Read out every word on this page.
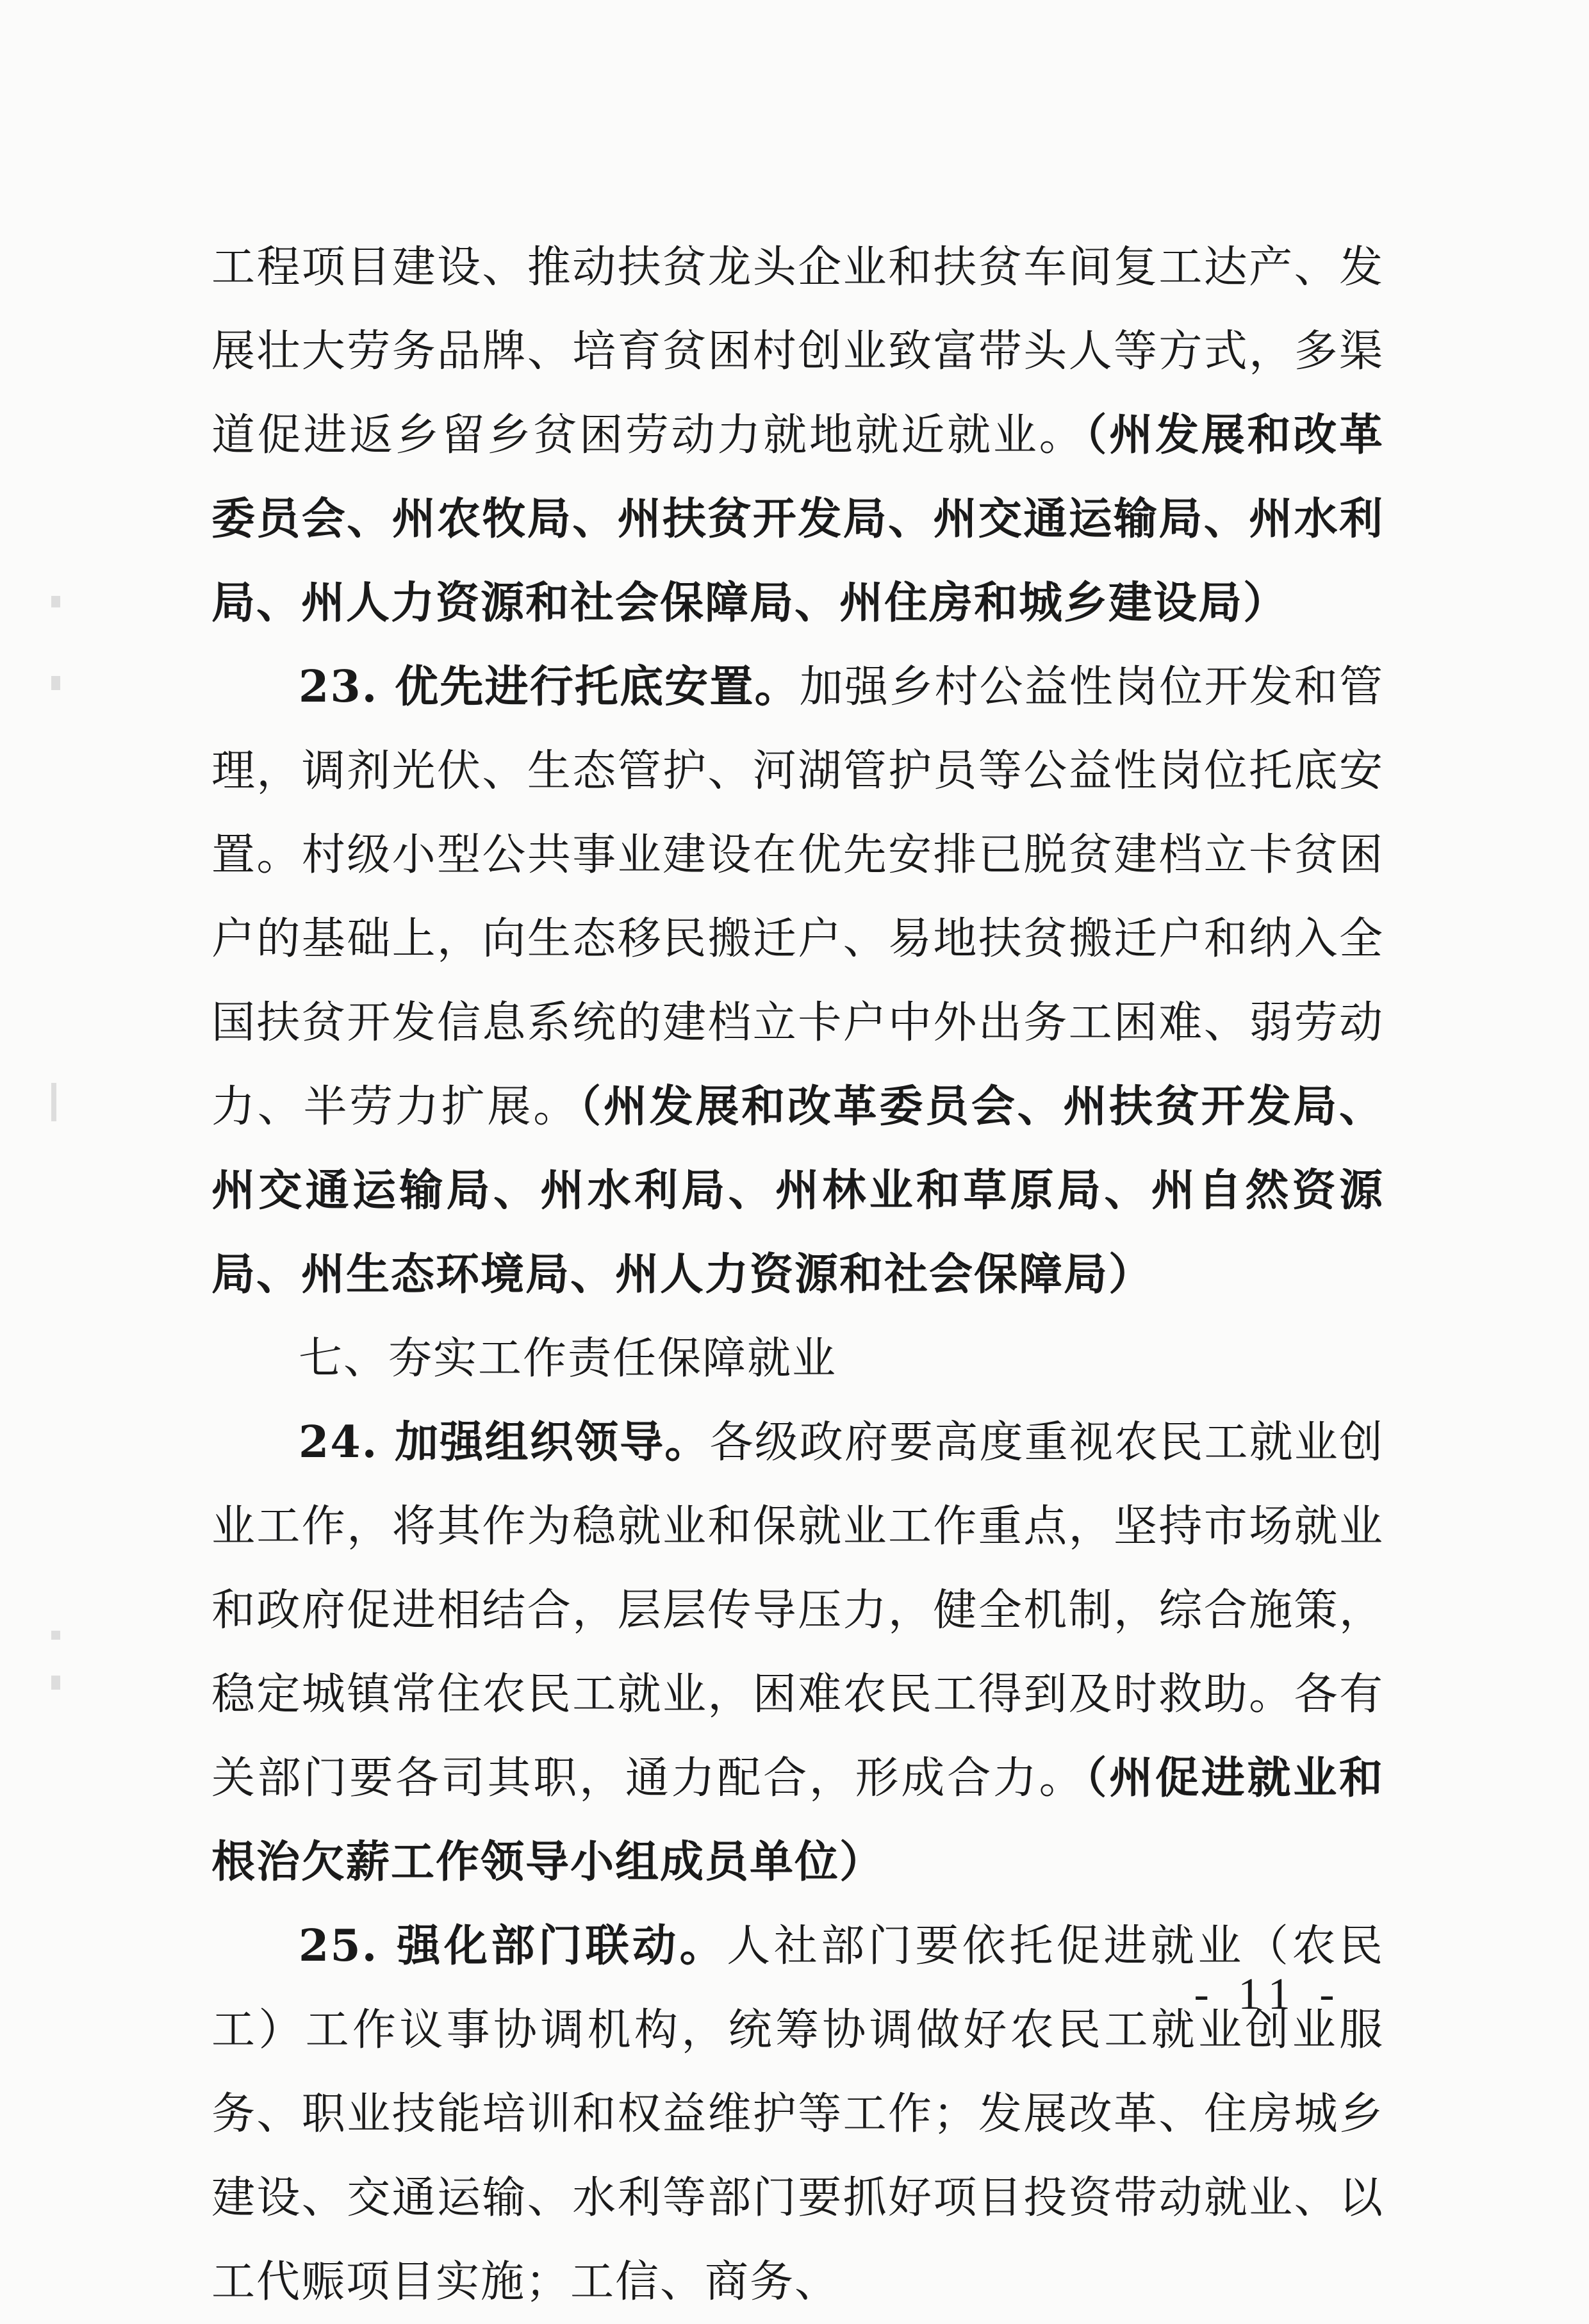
工程项目建设、推动扶贫龙头企业和扶贫车间复工达产、发展壮大劳务品牌、培育贫困村创业致富带头人等方式，多渠道促进返乡留乡贫困劳动力就地就近就业。（州发展和改革委员会、州农牧局、州扶贫开发局、州交通运输局、州水利局、州人力资源和社会保障局、州住房和城乡建设局）

23. 优先进行托底安置。加强乡村公益性岗位开发和管理，调剂光伏、生态管护、河湖管护员等公益性岗位托底安置。村级小型公共事业建设在优先安排已脱贫建档立卡贫困户的基础上，向生态移民搬迁户、易地扶贫搬迁户和纳入全国扶贫开发信息系统的建档立卡户中外出务工困难、弱劳动力、半劳力扩展。（州发展和改革委员会、州扶贫开发局、州交通运输局、州水利局、州林业和草原局、州自然资源局、州生态环境局、州人力资源和社会保障局）

七、夯实工作责任保障就业

24. 加强组织领导。各级政府要高度重视农民工就业创业工作，将其作为稳就业和保就业工作重点，坚持市场就业和政府促进相结合，层层传导压力，健全机制，综合施策，稳定城镇常住农民工就业，困难农民工得到及时救助。各有关部门要各司其职，通力配合，形成合力。（州促进就业和根治欠薪工作领导小组成员单位）

25. 强化部门联动。人社部门要依托促进就业（农民工）工作议事协调机构，统筹协调做好农民工就业创业服务、职业技能培训和权益维护等工作；发展改革、住房城乡建设、交通运输、水利等部门要抓好项目投资带动就业、以工代赈项目实施；工信、商务、

- 11 -
